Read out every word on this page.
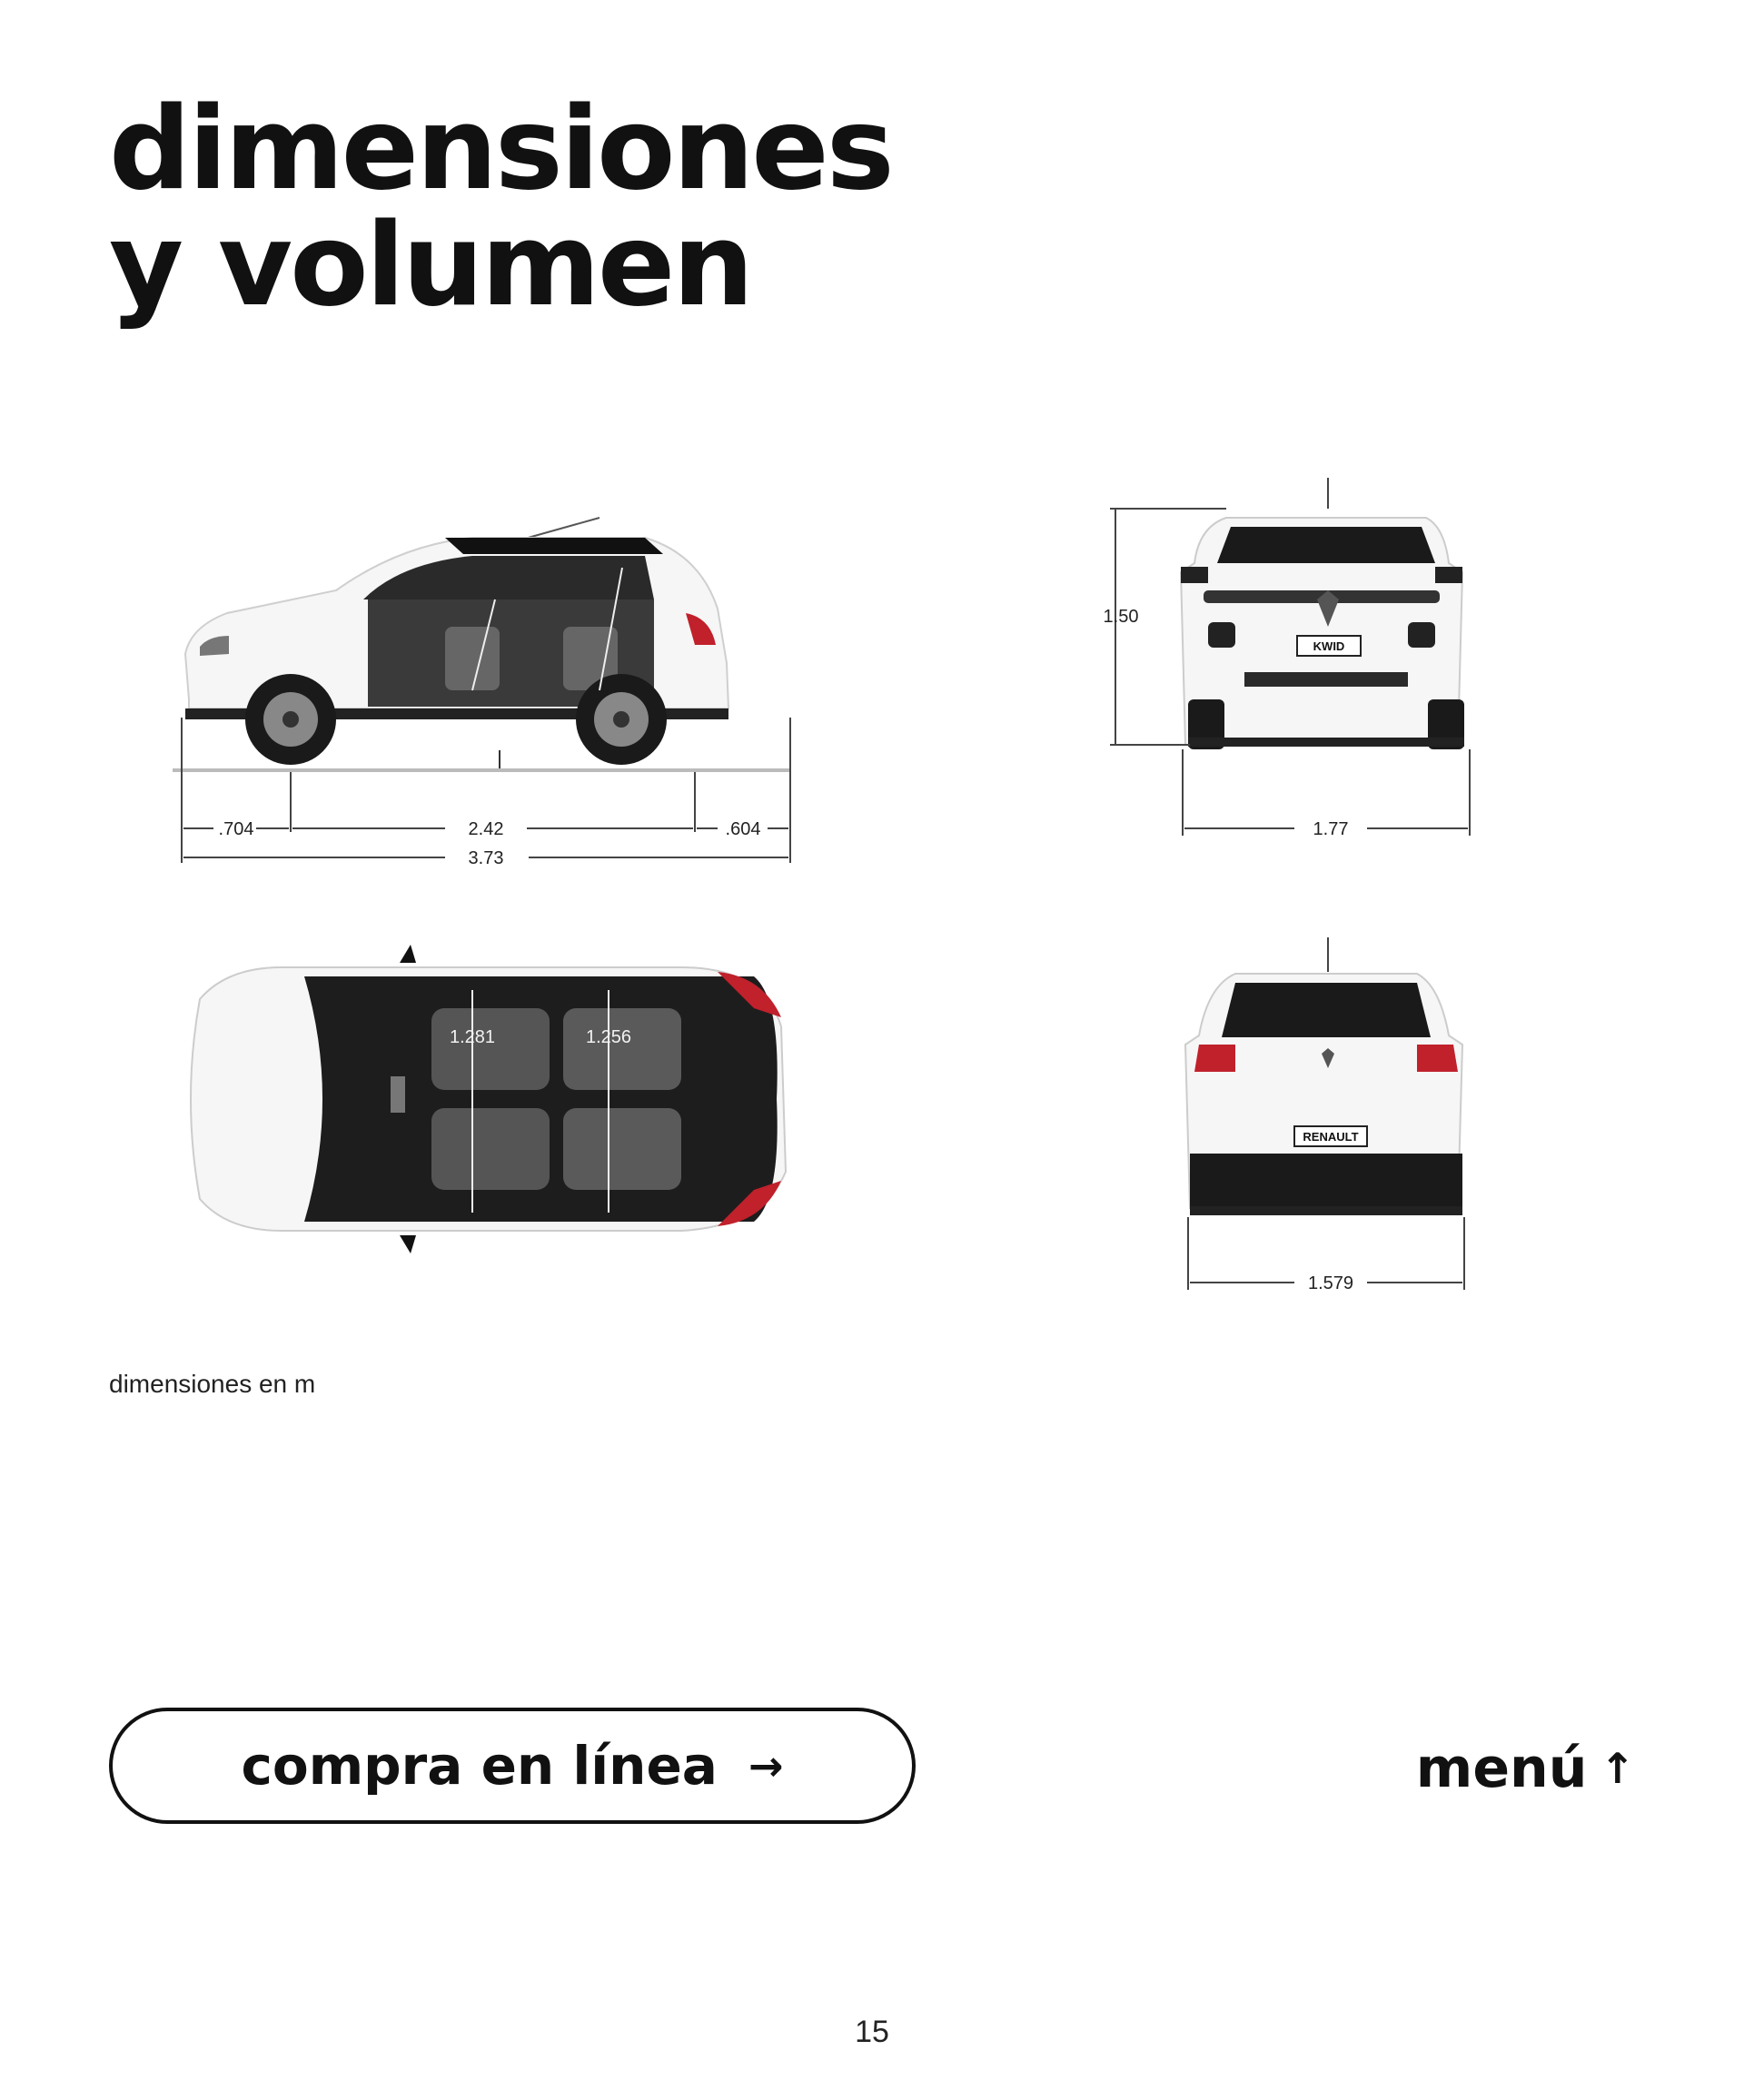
dimensiones
y volumen
.704	2.42	.604
3.73
KWID
1.50
1.77
1.281	1.256
RENAULT
1.579
dimensiones en m
compra en línea →	menú ↑
15
